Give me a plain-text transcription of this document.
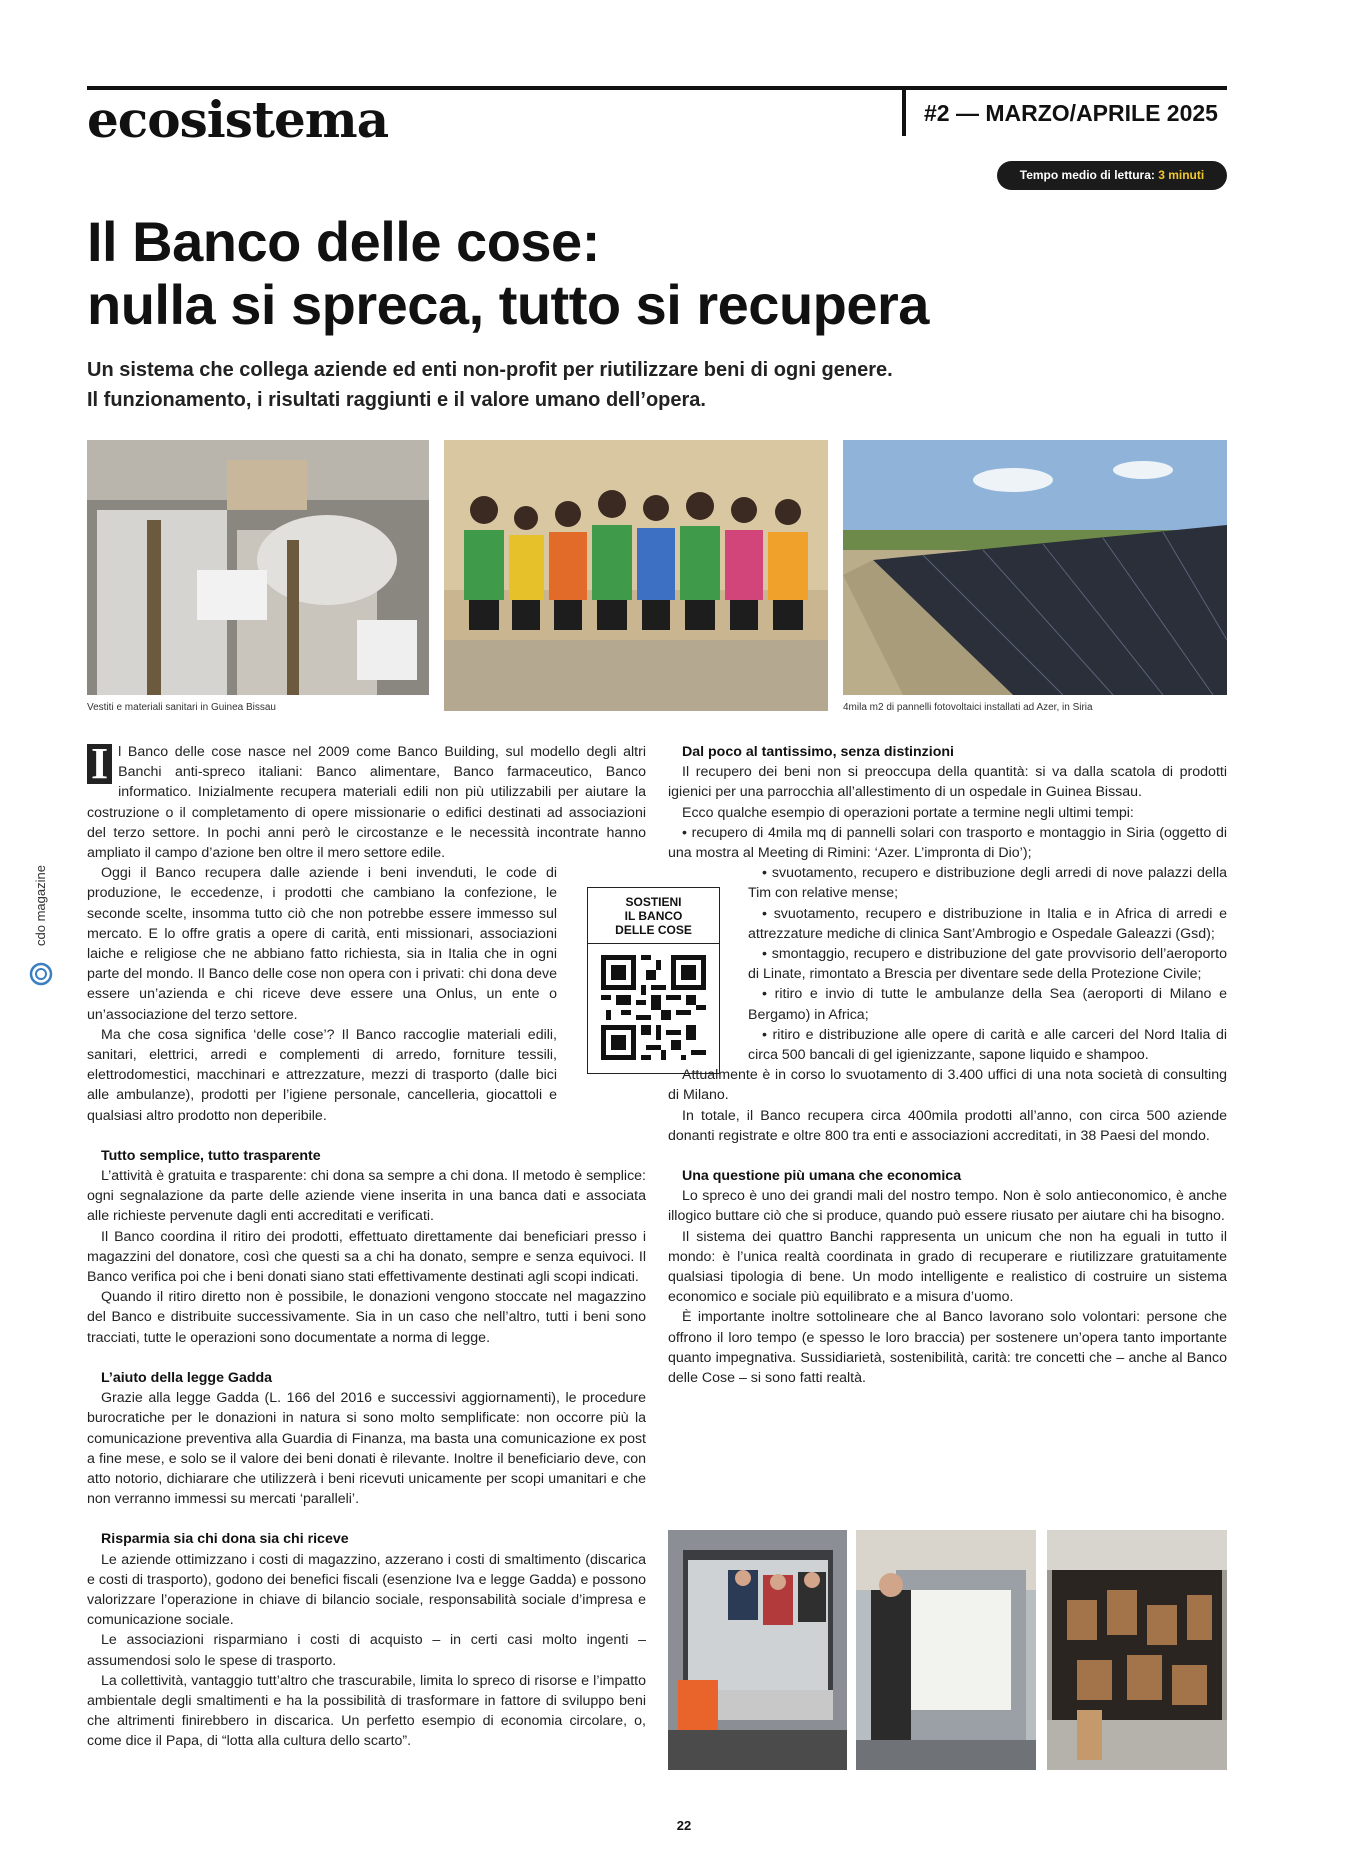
ecosistema	#2 — MARZO/APRILE 2025
Tempo medio di lettura: 3 minuti
Il Banco delle cose:
nulla si spreca, tutto si recupera
Un sistema che collega aziende ed enti non-profit per riutilizzare beni di ogni genere.
Il funzionamento, i risultati raggiunti e il valore umano dell’opera.
Vestiti e materiali sanitari in Guinea Bissau	4mila m2 di pannelli fotovoltaici installati ad Azer, in Siria
cdo magazine

I l Banco delle cose nasce nel 2009 come Banco Building, sul modello degli altri Banchi anti-spreco italiani: Banco alimentare, Banco farmaceutico, Banco informatico. Inizialmente recupera materiali edili non più utilizzabili per aiutare la costruzione o il completamento di opere missionarie o edifici destinati ad associazioni del terzo settore. In pochi anni però le circostanze e le necessità incontrate hanno ampliato il campo d’azione ben oltre il mero settore edile.

Oggi il Banco recupera dalle aziende i beni invenduti, le code di produzione, le eccedenze, i prodotti che cambiano la confezione, le seconde scelte, insomma tutto ciò che non potrebbe essere immesso sul mercato. E lo offre gratis a opere di carità, enti missionari, associazioni laiche e religiose che ne abbiano fatto richiesta, sia in Italia che in ogni parte del mondo. Il Banco delle cose non opera con i privati: chi dona deve essere un’azienda e chi riceve deve essere una Onlus, un ente o un’associazione del terzo settore.

Ma che cosa significa ‘delle cose’? Il Banco raccoglie materiali edili, sanitari, elettrici, arredi e complementi di arredo, forniture tessili, elettrodomestici, macchinari e attrezzature, mezzi di trasporto (dalle bici alle ambulanze), prodotti per l’igiene personale, cancelleria, giocattoli e qualsiasi altro prodotto non deperibile.

Tutto semplice, tutto trasparente

L’attività è gratuita e trasparente: chi dona sa sempre a chi dona. Il metodo è semplice: ogni segnalazione da parte delle aziende viene inserita in una banca dati e associata alle richieste pervenute dagli enti accreditati e verificati.

Il Banco coordina il ritiro dei prodotti, effettuato direttamente dai beneficiari presso i magazzini del donatore, così che questi sa a chi ha donato, sempre e senza equivoci. Il Banco verifica poi che i beni donati siano stati effettivamente destinati agli scopi indicati.

Quando il ritiro diretto non è possibile, le donazioni vengono stoccate nel magazzino del Banco e distribuite successivamente. Sia in un caso che nell’altro, tutti i beni sono tracciati, tutte le operazioni sono documentate a norma di legge.

L’aiuto della legge Gadda

Grazie alla legge Gadda (L. 166 del 2016 e successivi aggiornamenti), le procedure burocratiche per le donazioni in natura si sono molto semplificate: non occorre più la comunicazione preventiva alla Guardia di Finanza, ma basta una comunicazione ex post a fine mese, e solo se il valore dei beni donati è rilevante. Inoltre il beneficiario deve, con atto notorio, dichiarare che utilizzerà i beni ricevuti unicamente per scopi umanitari e che non verranno immessi su mercati ‘paralleli’.

Risparmia sia chi dona sia chi riceve

Le aziende ottimizzano i costi di magazzino, azzerano i costi di smaltimento (discarica e costi di trasporto), godono dei benefici fiscali (esenzione Iva e legge Gadda) e possono valorizzare l’operazione in chiave di bilancio sociale, responsabilità sociale d’impresa e comunicazione sociale.

Le associazioni risparmiano i costi di acquisto – in certi casi molto ingenti – assumendosi solo le spese di trasporto.

La collettività, vantaggio tutt’altro che trascurabile, limita lo spreco di risorse e l’impatto ambientale degli smaltimenti e ha la possibilità di trasformare in fattore di sviluppo beni che altrimenti finirebbero in discarica. Un perfetto esempio di economia circolare, o, come dice il Papa, di “lotta alla cultura dello scarto”.

SOSTIENI
IL BANCO
DELLE COSE
Dal poco al tantissimo, senza distinzioni

Il recupero dei beni non si preoccupa della quantità: si va dalla scatola di prodotti igienici per una parrocchia all’allestimento di un ospedale in Guinea Bissau.

Ecco qualche esempio di operazioni portate a termine negli ultimi tempi:

• recupero di 4mila mq di pannelli solari con trasporto e montaggio in Siria (oggetto di una mostra al Meeting di Rimini: ‘Azer. L’impronta di Dio’);

• svuotamento, recupero e distribuzione degli arredi di nove palazzi della Tim con relative mense;

• svuotamento, recupero e distribuzione in Italia e in Africa di arredi e attrezzature mediche di clinica Sant’Ambrogio e Ospedale Galeazzi (Gsd);

• smontaggio, recupero e distribuzione del gate provvisorio dell’aeroporto di Linate, rimontato a Brescia per diventare sede della Protezione Civile;

• ritiro e invio di tutte le ambulanze della Sea (aeroporti di Milano e Bergamo) in Africa;

• ritiro e distribuzione alle opere di carità e alle carceri del Nord Italia di circa 500 bancali di gel igienizzante, sapone liquido e shampoo.

Attualmente è in corso lo svuotamento di 3.400 uffici di una nota società di consulting di Milano.

In totale, il Banco recupera circa 400mila prodotti all’anno, con circa 500 aziende donanti registrate e oltre 800 tra enti e associazioni accreditati, in 38 Paesi del mondo.

Una questione più umana che economica

Lo spreco è uno dei grandi mali del nostro tempo. Non è solo antieconomico, è anche illogico buttare ciò che si produce, quando può essere riusato per aiutare chi ha bisogno.

Il sistema dei quattro Banchi rappresenta un unicum che non ha eguali in tutto il mondo: è l’unica realtà coordinata in grado di recuperare e riutilizzare gratuitamente qualsiasi tipologia di bene. Un modo intelligente e realistico di costruire un sistema economico e sociale più equilibrato e a misura d’uomo.

È importante inoltre sottolineare che al Banco lavorano solo volontari: persone che offrono il loro tempo (e spesso le loro braccia) per sostenere un’opera tanto importante quanto impegnativa. Sussidiarietà, sostenibilità, carità: tre concetti che – anche al Banco delle Cose – si sono fatti realtà.

22
